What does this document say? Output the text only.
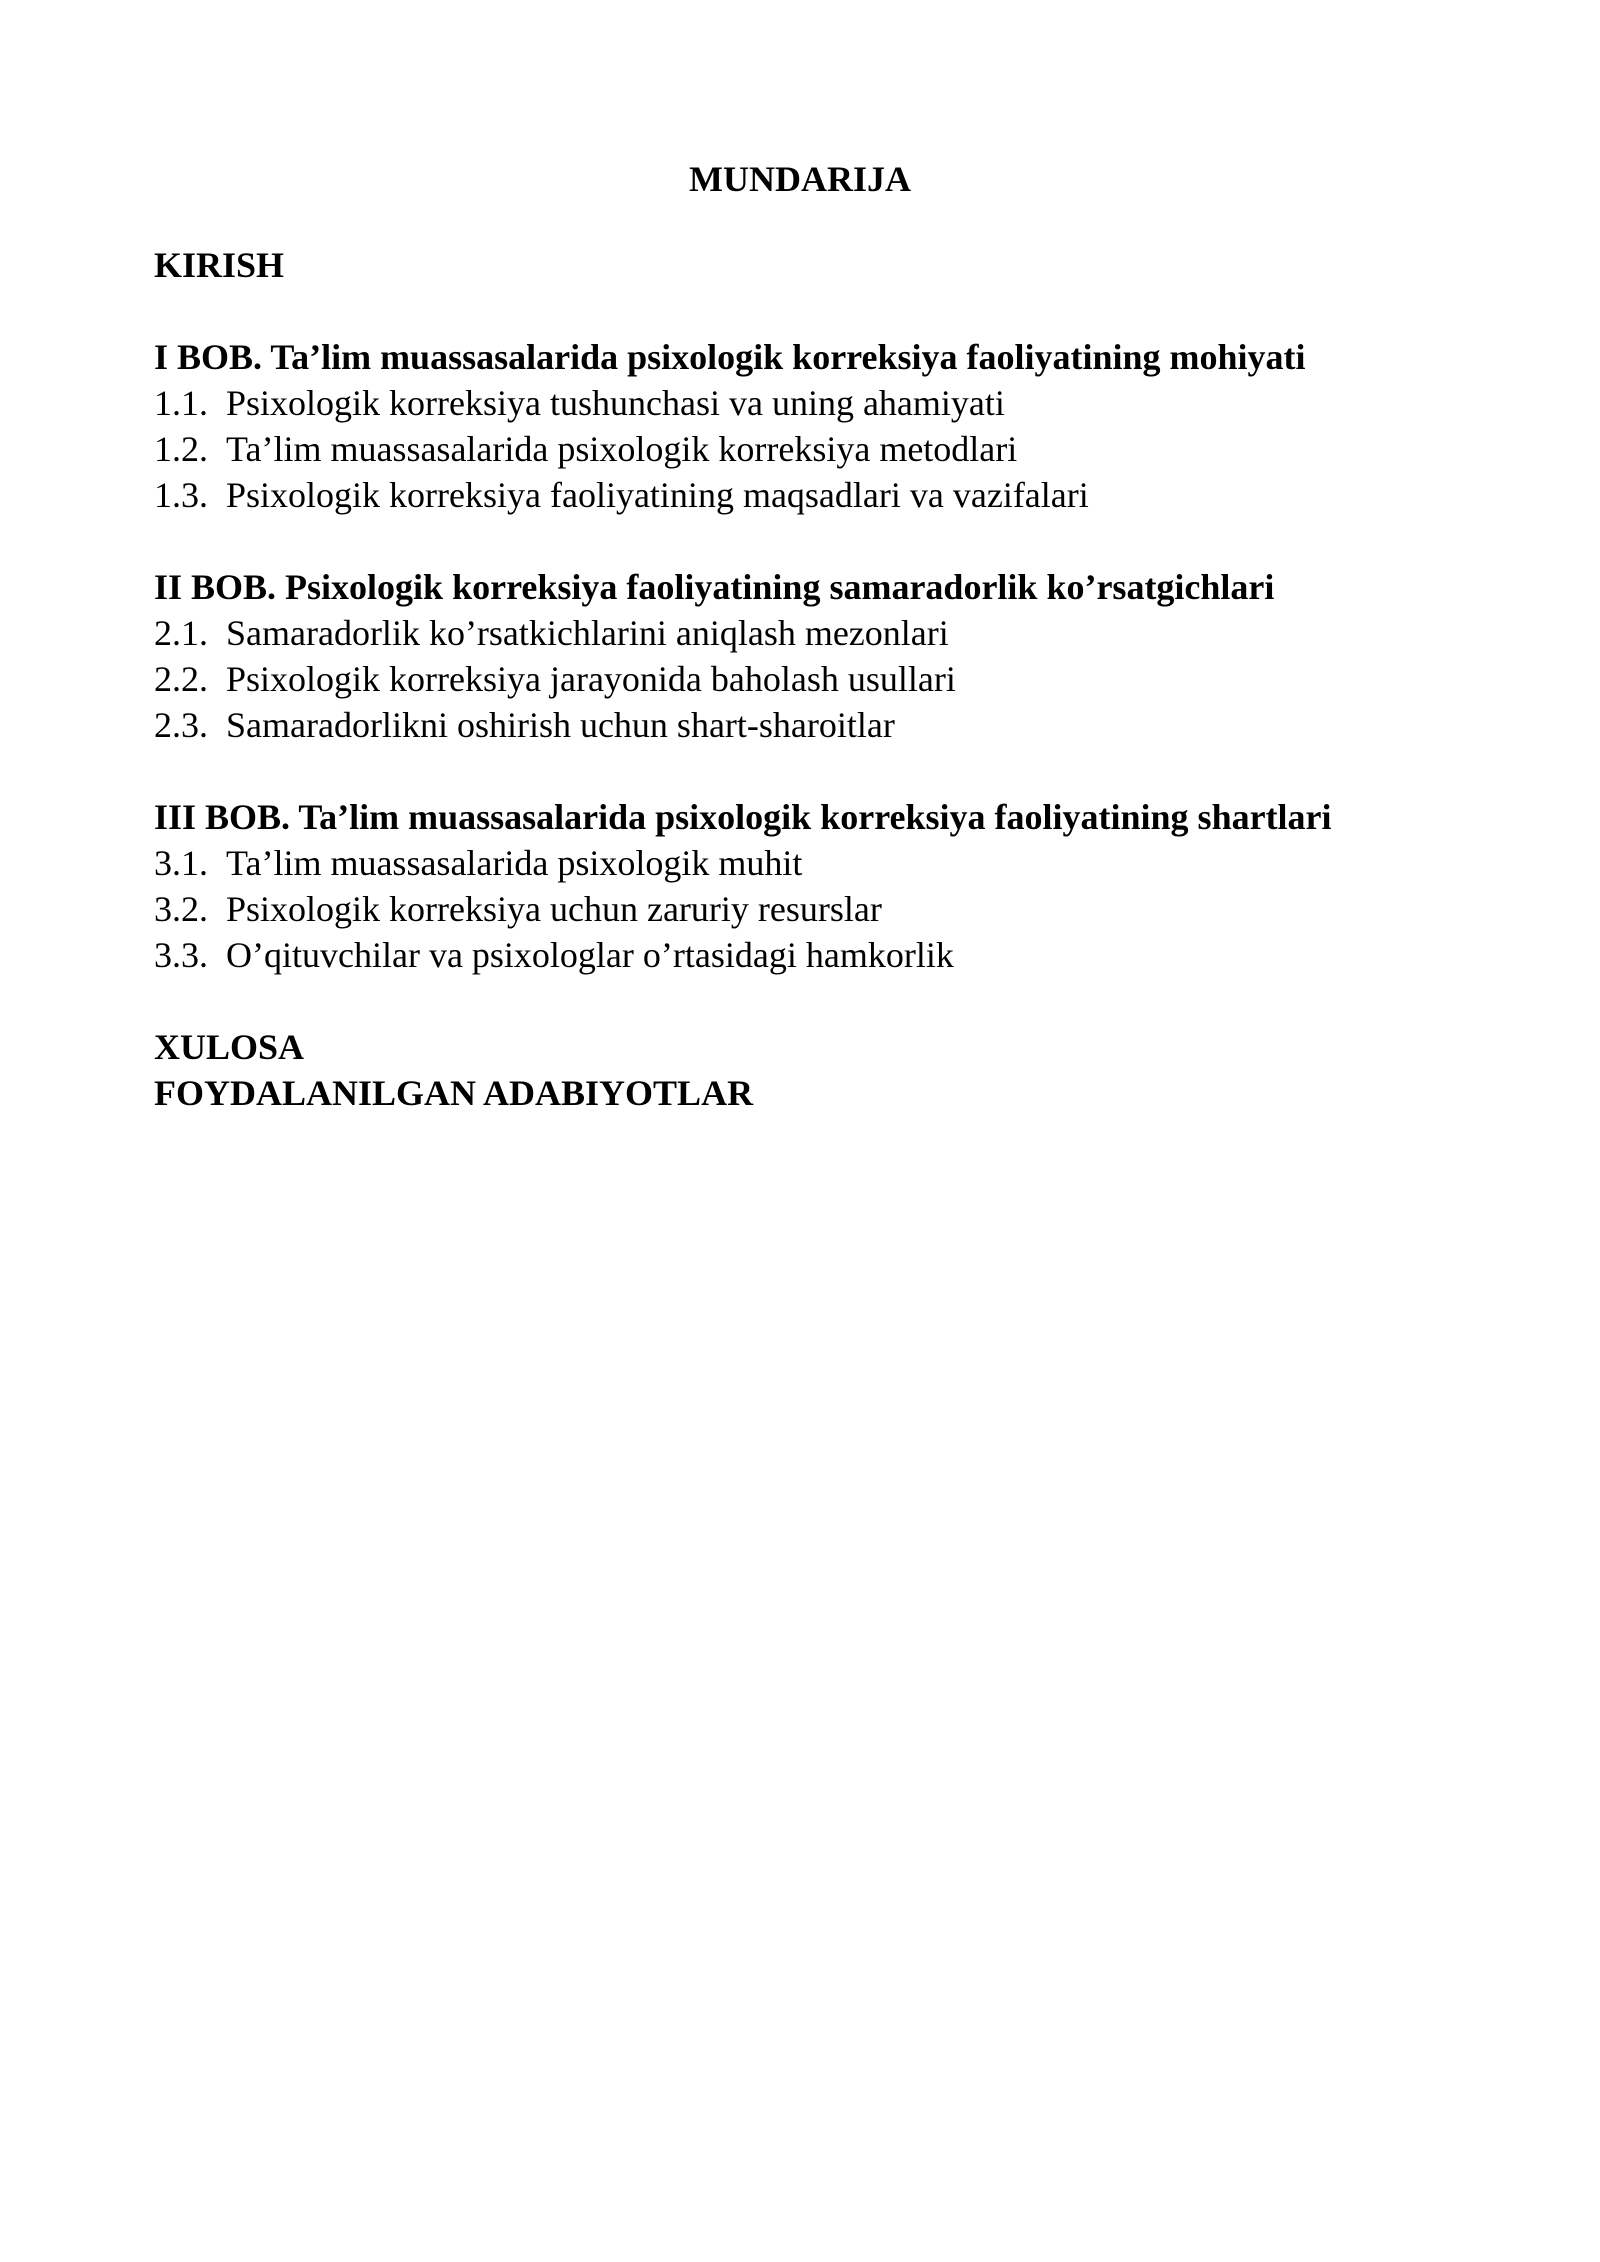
MUNDARIJA
KIRISH
I BOB. Ta’lim muassasalarida psixologik korreksiya faoliyatining mohiyati
1.1. Psixologik korreksiya tushunchasi va uning ahamiyati
1.2. Ta’lim muassasalarida psixologik korreksiya metodlari
1.3. Psixologik korreksiya faoliyatining maqsadlari va vazifalari
II BOB. Psixologik korreksiya faoliyatining samaradorlik ko’rsatgichlari
2.1. Samaradorlik ko’rsatkichlarini aniqlash mezonlari
2.2. Psixologik korreksiya jarayonida baholash usullari
2.3. Samaradorlikni oshirish uchun shart-sharoitlar
III BOB. Ta’lim muassasalarida psixologik korreksiya faoliyatining shartlari
3.1. Ta’lim muassasalarida psixologik muhit
3.2. Psixologik korreksiya uchun zaruriy resurslar
3.3. O’qituvchilar va psixologlar o’rtasidagi hamkorlik
XULOSA
FOYDALANILGAN ADABIYOTLAR
